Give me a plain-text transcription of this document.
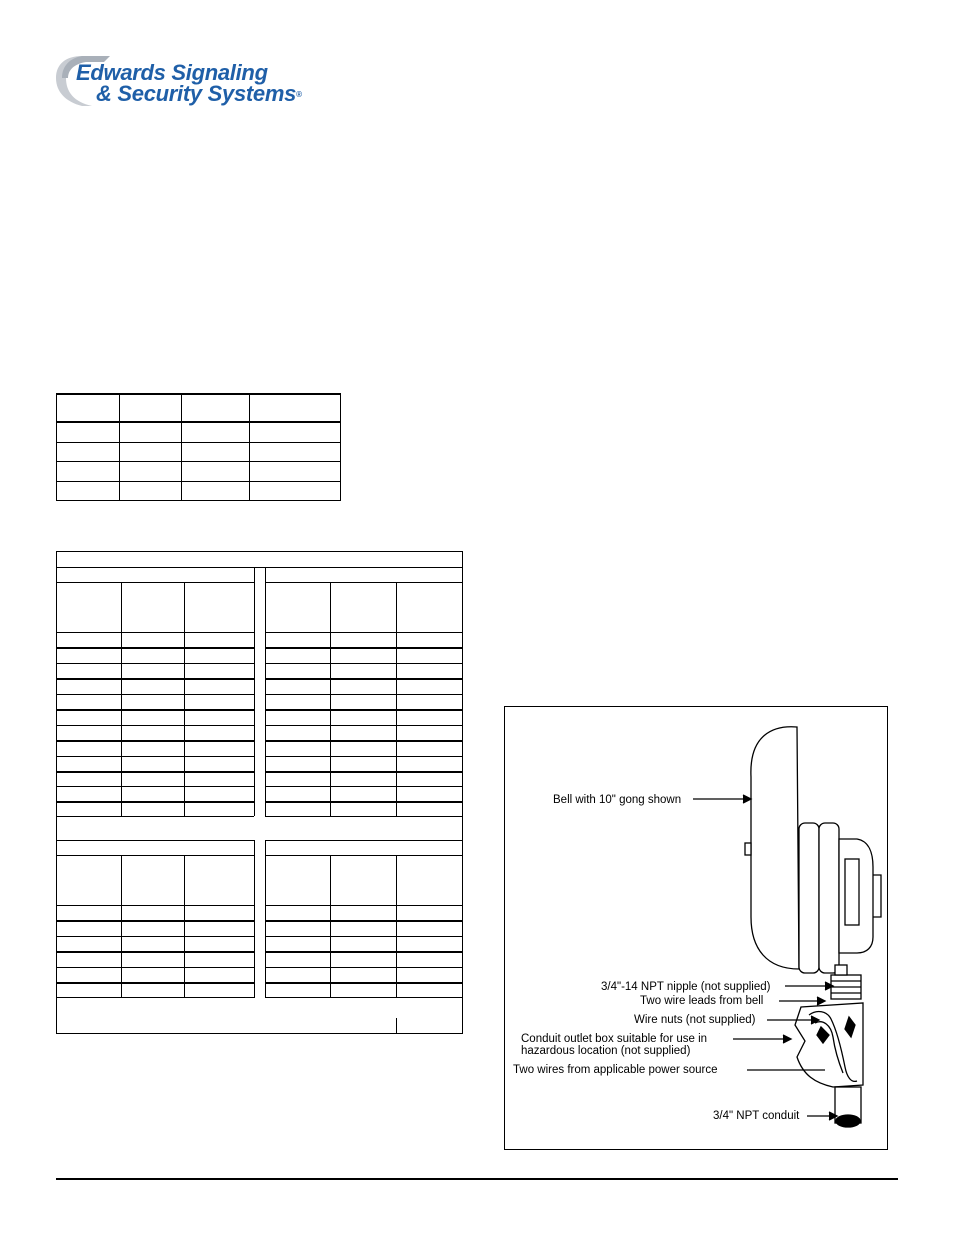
Edwards Signaling
& Security Systems®
Bell with 10" gong shown
3/4"-14 NPT nipple (not supplied)
Two wire leads from bell
Wire nuts (not supplied)
Conduit outlet box suitable for use in
hazardous location (not supplied)
Two wires from applicable power source
3/4" NPT conduit
